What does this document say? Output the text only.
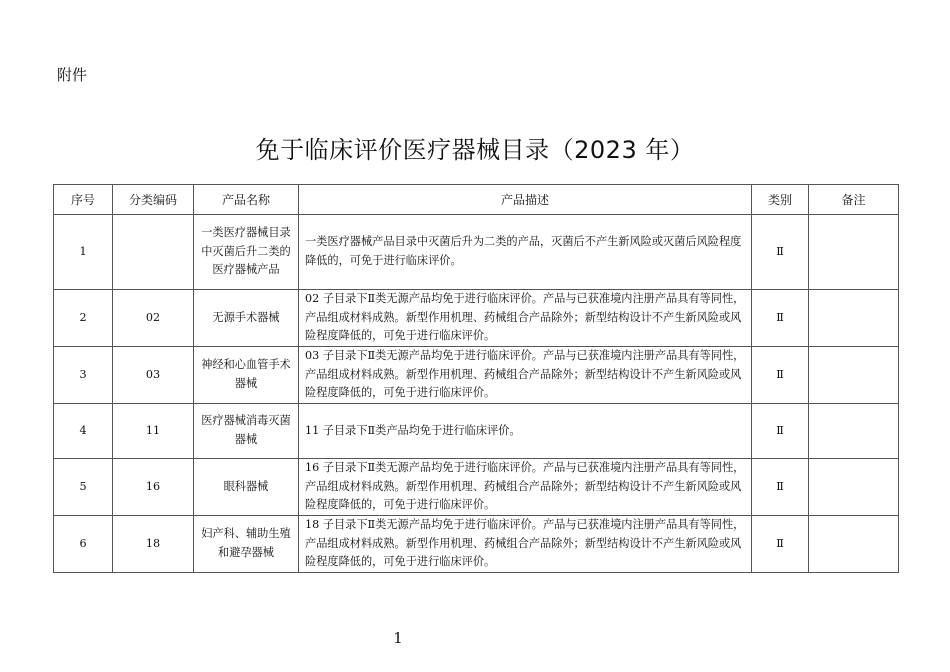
附件
免于临床评价医疗器械目录（2023 年）
序号	分类编码	产品名称	产品描述	类别	备注
1		一类医疗器械目录中灭菌后升二类的医疗器械产品	一类医疗器械产品目录中灭菌后升为二类的产品，灭菌后不产生新风险或灭菌后风险程度降低的，可免于进行临床评价。	Ⅱ	
2	02	无源手术器械	02 子目录下Ⅱ类无源产品均免于进行临床评价。产品与已获准境内注册产品具有等同性，产品组成材料成熟。新型作用机理、药械组合产品除外；新型结构设计不产生新风险或风险程度降低的，可免于进行临床评价。	Ⅱ	
3	03	神经和心血管手术器械	03 子目录下Ⅱ类无源产品均免于进行临床评价。产品与已获准境内注册产品具有等同性，产品组成材料成熟。新型作用机理、药械组合产品除外；新型结构设计不产生新风险或风险程度降低的，可免于进行临床评价。	Ⅱ	
4	11	医疗器械消毒灭菌器械	11 子目录下Ⅱ类产品均免于进行临床评价。	Ⅱ	
5	16	眼科器械	16 子目录下Ⅱ类无源产品均免于进行临床评价。产品与已获准境内注册产品具有等同性，产品组成材料成熟。新型作用机理、药械组合产品除外；新型结构设计不产生新风险或风险程度降低的，可免于进行临床评价。	Ⅱ	
6	18	妇产科、辅助生殖和避孕器械	18 子目录下Ⅱ类无源产品均免于进行临床评价。产品与已获准境内注册产品具有等同性，产品组成材料成熟。新型作用机理、药械组合产品除外；新型结构设计不产生新风险或风险程度降低的，可免于进行临床评价。	Ⅱ	
1
